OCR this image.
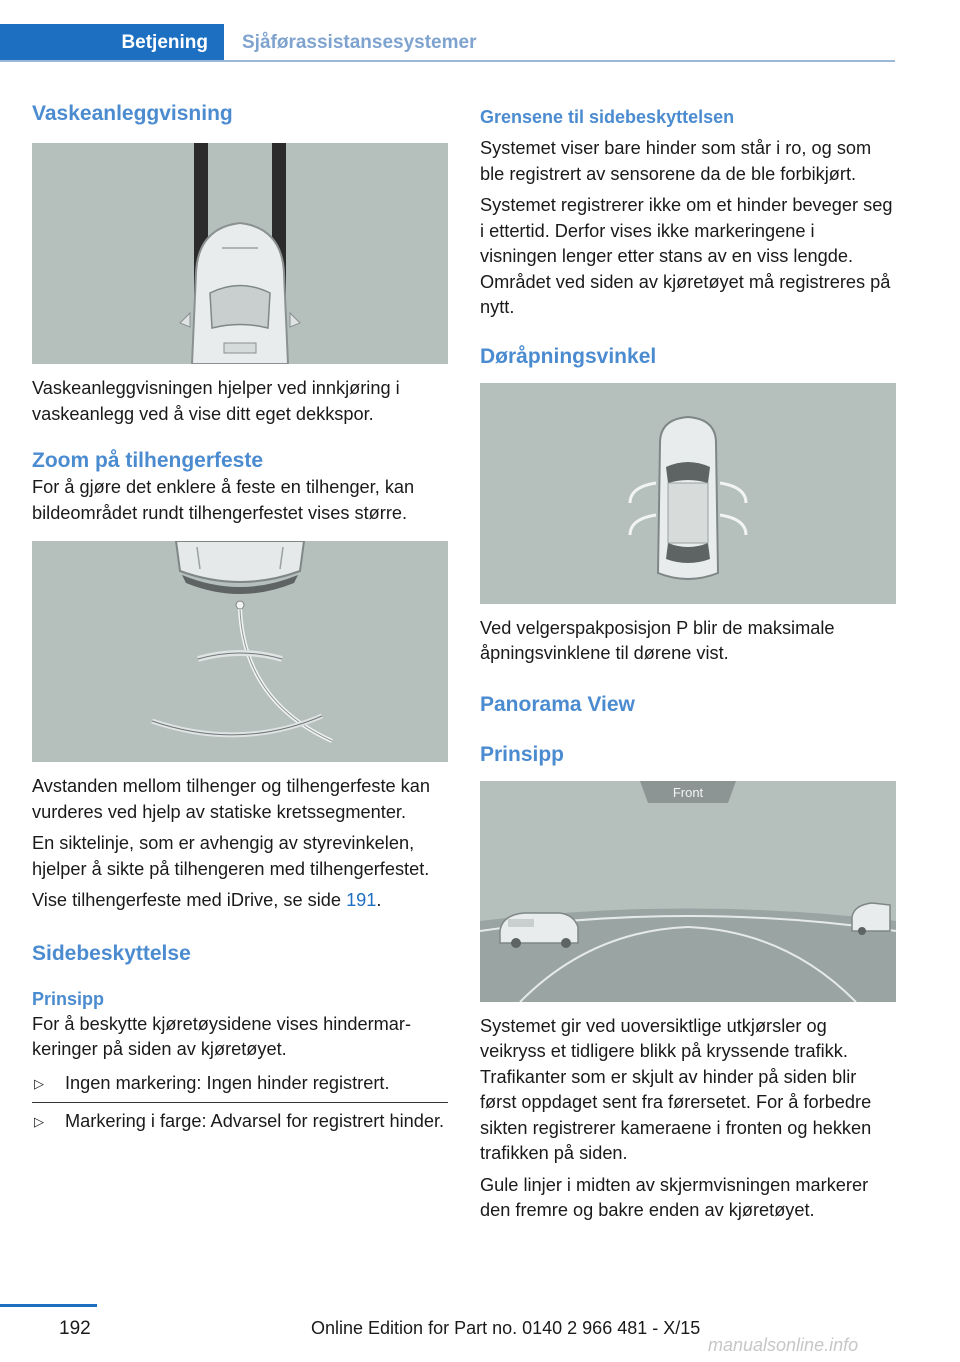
Betjening	Sjåførassistansesystemer
Vaskeanleggvisning

Vaskeanleggvisningen hjelper ved innkjøring i vaskeanlegg ved å vise ditt eget dekkspor.

Zoom på tilhengerfeste

For å gjøre det enklere å feste en tilhenger, kan bildeområdet rundt tilhengerfestet vises større.

Avstanden mellom tilhenger og tilhengerfeste kan vurderes ved hjelp av statiske kretssegmenter.

En siktelinje, som er avhengig av styrevinkelen, hjelper å sikte på tilhengeren med tilhengerfestet.

Vise tilhengerfeste med iDrive, se side 191.

Sidebeskyttelse
Prinsipp

For å beskytte kjøretøysidene vises hindermarkeringer på siden av kjøretøyet.

▷ Ingen markering: Ingen hinder registrert.
▷ Markering i farge: Advarsel for registrert hinder.
Grensene til sidebeskyttelsen

Systemet viser bare hinder som står i ro, og som ble registrert av sensorene da de ble forbikjørt.

Systemet registrerer ikke om et hinder beveger seg i ettertid. Derfor vises ikke markeringene i visningen lenger etter stans av en viss lengde. Området ved siden av kjøretøyet må registreres på nytt.

Døråpningsvinkel

Ved velgerspakposisjon P blir de maksimale åpningsvinklene til dørene vist.

Panorama View
Prinsipp
Front

Systemet gir ved uoversiktlige utkjørsler og veikryss et tidligere blikk på kryssende trafikk. Trafikanter som er skjult av hinder på siden blir først oppdaget sent fra førersetet. For å forbedre sikten registrerer kameraene i fronten og hekken trafikken på siden.

Gule linjer i midten av skjermvisningen markerer den fremre og bakre enden av kjøretøyet.

192	Online Edition for Part no. 0140 2 966 481 - X/15
manualsonline.info
